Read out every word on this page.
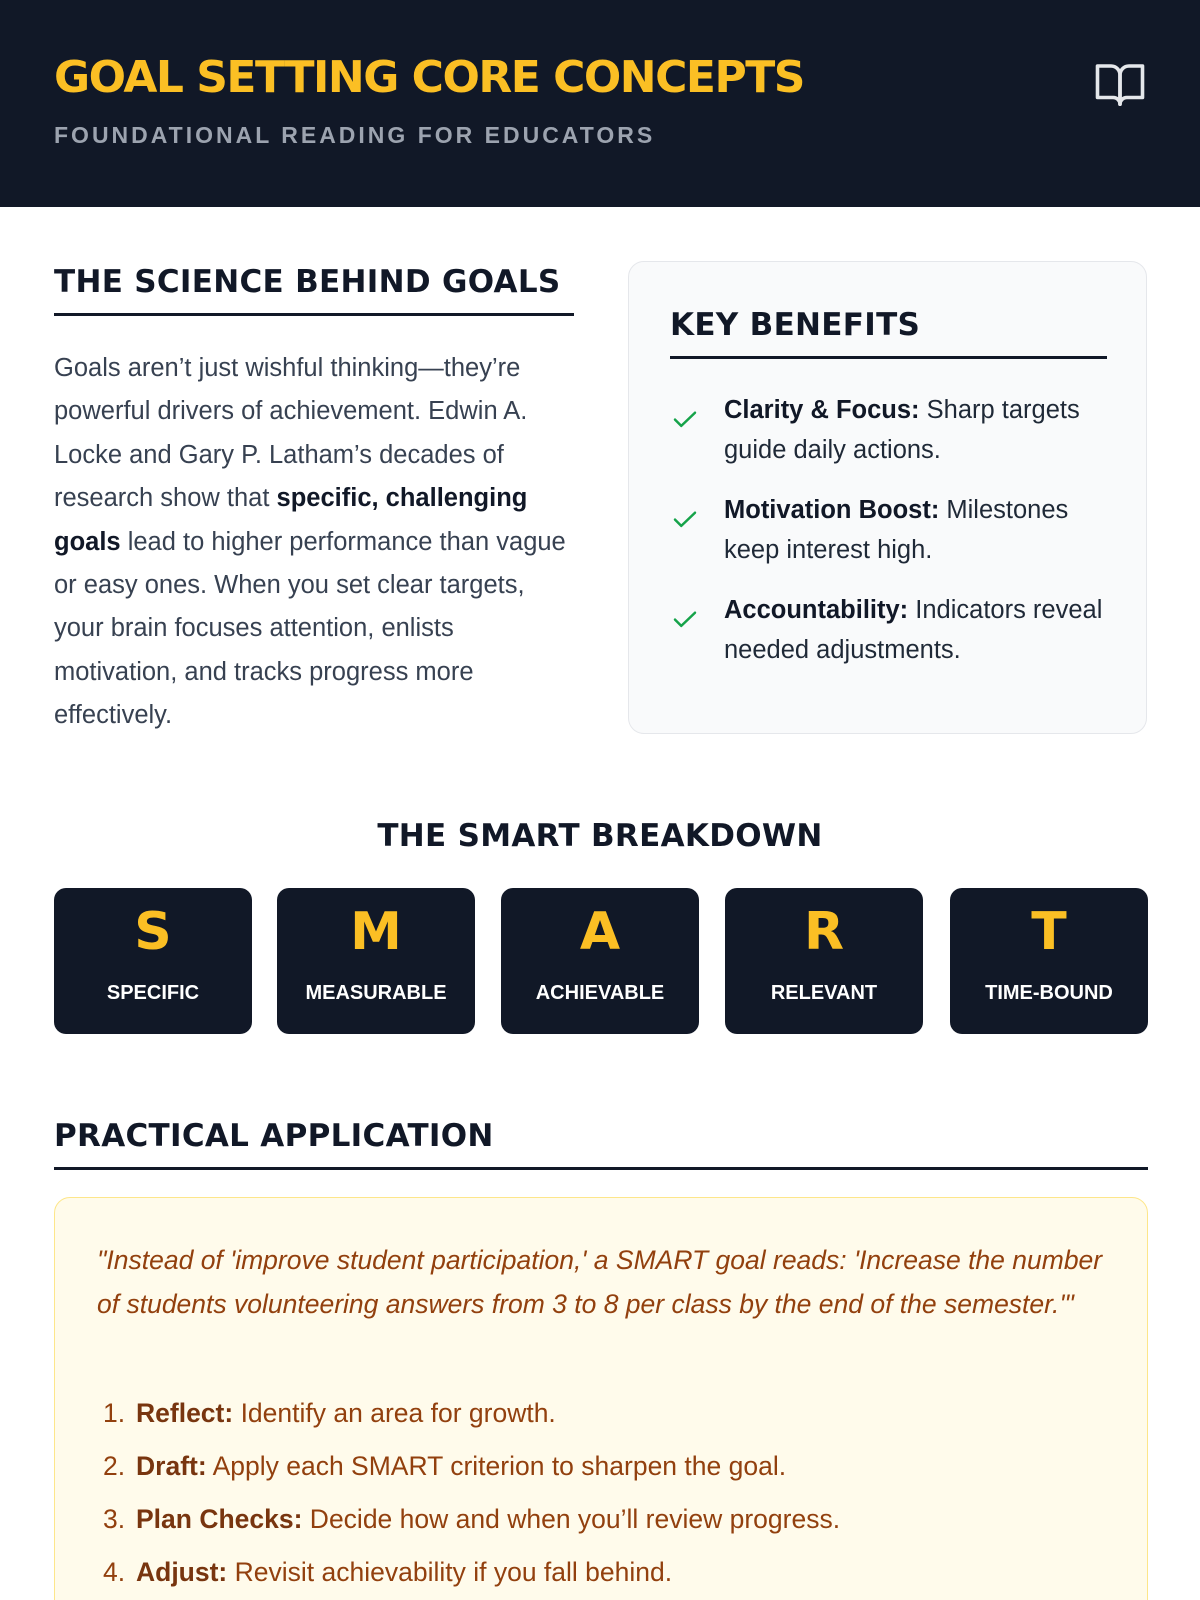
GOAL SETTING CORE CONCEPTS
FOUNDATIONAL READING FOR EDUCATORS
THE SCIENCE BEHIND GOALS

Goals aren’t just wishful thinking—they’re powerful drivers of achievement. Edwin A. Locke and Gary P. Latham’s decades of research show that specific, challenging goals lead to higher performance than vague or easy ones. When you set clear targets, your brain focuses attention, enlists motivation, and tracks progress more effectively.

KEY BENEFITS
Clarity & Focus: Sharp targets guide daily actions.
Motivation Boost: Milestones keep interest high.
Accountability: Indicators reveal needed adjustments.
THE SMART BREAKDOWN
S
SPECIFIC
M
MEASURABLE
A
ACHIEVABLE
R
RELEVANT
T
TIME-BOUND
PRACTICAL APPLICATION

"Instead of 'improve student participation,' a SMART goal reads: 'Increase the number of students volunteering answers from 3 to 8 per class by the end of the semester.'"

1. Reflect: Identify an area for growth.
2. Draft: Apply each SMART criterion to sharpen the goal.
3. Plan Checks: Decide how and when you’ll review progress.
4. Adjust: Revisit achievability if you fall behind.
